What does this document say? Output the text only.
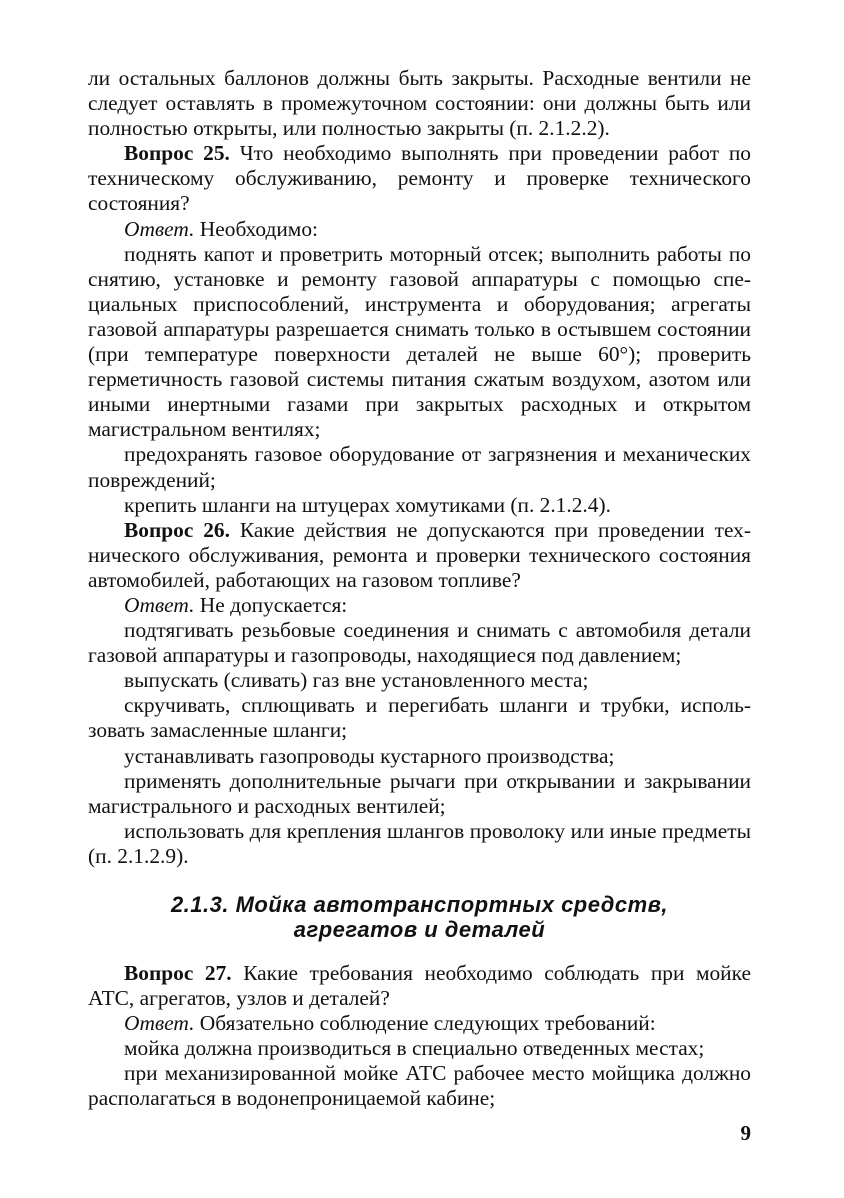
ли остальных баллонов должны быть закрыты. Расходные вентили не следует оставлять в промежуточном состоянии: они должны быть или полностью открыты, или полностью закрыты (п. 2.1.2.2).

Вопрос 25. Что необходимо выполнять при проведении работ по техническому обслуживанию, ремонту и проверке технического состояния?

Ответ. Необходимо:

поднять капот и проветрить моторный отсек; выполнить работы по снятию, установке и ремонту газовой аппаратуры с помощью специальных приспособлений, инструмента и оборудования; агрегаты газовой аппаратуры разрешается снимать только в остывшем состоянии (при температуре поверхности деталей не выше 60°); проверить герметичность газовой системы питания сжатым воздухом, азотом или иными инертными газами при закрытых расходных и открытом магистральном вентилях;

предохранять газовое оборудование от загрязнения и механических повреждений;

крепить шланги на штуцерах хомутиками (п. 2.1.2.4).

Вопрос 26. Какие действия не допускаются при проведении технического обслуживания, ремонта и проверки технического состояния автомобилей, работающих на газовом топливе?

Ответ. Не допускается:

подтягивать резьбовые соединения и снимать с автомобиля детали газовой аппаратуры и газопроводы, находящиеся под давлением;

выпускать (сливать) газ вне установленного места;

скручивать, сплющивать и перегибать шланги и трубки, использовать замасленные шланги;

устанавливать газопроводы кустарного производства;

применять дополнительные рычаги при открывании и закрывании магистрального и расходных вентилей;

использовать для крепления шлангов проволоку или иные предметы (п. 2.1.2.9).

2.1.3. Мойка автотранспортных средств,
агрегатов и деталей

Вопрос 27. Какие требования необходимо соблюдать при мойке АТС, агрегатов, узлов и деталей?

Ответ. Обязательно соблюдение следующих требований:

мойка должна производиться в специально отведенных местах;

при механизированной мойке АТС рабочее место мойщика должно располагаться в водонепроницаемой кабине;

9
